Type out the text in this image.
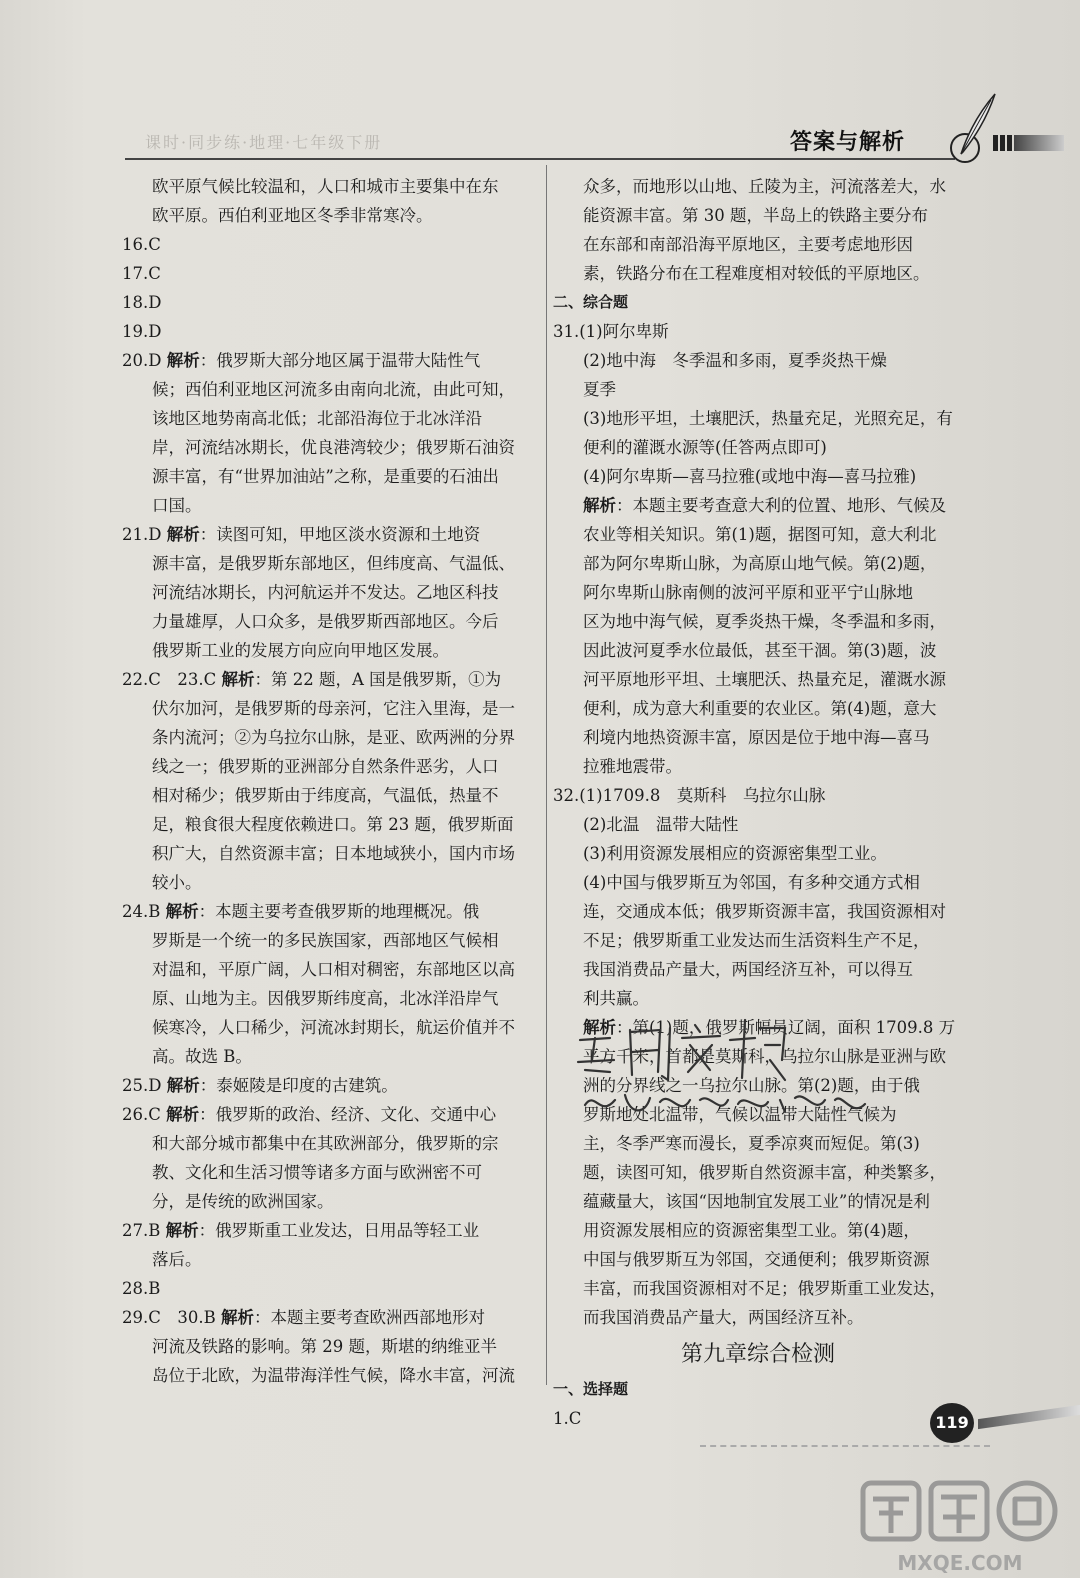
课时·同步练·地理·七年级下册	答案与解析
欧平原气候比较温和，人口和城市主要集中在东
欧平原。西伯利亚地区冬季非常寒冷。
16.C
17.C
18.D
19.D
20.D 解析：俄罗斯大部分地区属于温带大陆性气
候；西伯利亚地区河流多由南向北流，由此可知，
该地区地势南高北低；北部沿海位于北冰洋沿
岸，河流结冰期长，优良港湾较少；俄罗斯石油资
源丰富，有“世界加油站”之称，是重要的石油出
口国。
21.D 解析：读图可知，甲地区淡水资源和土地资
源丰富，是俄罗斯东部地区，但纬度高、气温低、
河流结冰期长，内河航运并不发达。乙地区科技
力量雄厚，人口众多，是俄罗斯西部地区。今后
俄罗斯工业的发展方向应向甲地区发展。
22.C　23.C 解析：第 22 题，A 国是俄罗斯，①为
伏尔加河，是俄罗斯的母亲河，它注入里海，是一
条内流河；②为乌拉尔山脉，是亚、欧两洲的分界
线之一；俄罗斯的亚洲部分自然条件恶劣，人口
相对稀少；俄罗斯由于纬度高，气温低，热量不
足，粮食很大程度依赖进口。第 23 题，俄罗斯面
积广大，自然资源丰富；日本地域狭小，国内市场
较小。
24.B 解析：本题主要考查俄罗斯的地理概况。俄
罗斯是一个统一的多民族国家，西部地区气候相
对温和，平原广阔，人口相对稠密，东部地区以高
原、山地为主。因俄罗斯纬度高，北冰洋沿岸气
候寒冷，人口稀少，河流冰封期长，航运价值并不
高。故选 B。
25.D 解析：泰姬陵是印度的古建筑。
26.C 解析：俄罗斯的政治、经济、文化、交通中心
和大部分城市都集中在其欧洲部分，俄罗斯的宗
教、文化和生活习惯等诸多方面与欧洲密不可
分，是传统的欧洲国家。
27.B 解析：俄罗斯重工业发达，日用品等轻工业
落后。
28.B
29.C　30.B 解析：本题主要考查欧洲西部地形对
河流及铁路的影响。第 29 题，斯堪的纳维亚半
岛位于北欧，为温带海洋性气候，降水丰富，河流
众多，而地形以山地、丘陵为主，河流落差大，水
能资源丰富。第 30 题，半岛上的铁路主要分布
在东部和南部沿海平原地区，主要考虑地形因
素，铁路分布在工程难度相对较低的平原地区。
二、综合题
31.(1)阿尔卑斯
(2)地中海　冬季温和多雨，夏季炎热干燥
夏季
(3)地形平坦，土壤肥沃，热量充足，光照充足，有
便利的灌溉水源等(任答两点即可)
(4)阿尔卑斯—喜马拉雅(或地中海—喜马拉雅)
解析：本题主要考查意大利的位置、地形、气候及
农业等相关知识。第(1)题，据图可知，意大利北
部为阿尔卑斯山脉，为高原山地气候。第(2)题，
阿尔卑斯山脉南侧的波河平原和亚平宁山脉地
区为地中海气候，夏季炎热干燥，冬季温和多雨，
因此波河夏季水位最低，甚至干涸。第(3)题，波
河平原地形平坦、土壤肥沃、热量充足，灌溉水源
便利，成为意大利重要的农业区。第(4)题，意大
利境内地热资源丰富，原因是位于地中海—喜马
拉雅地震带。
32.(1)1709.8　莫斯科　乌拉尔山脉
(2)北温　温带大陆性
(3)利用资源发展相应的资源密集型工业。
(4)中国与俄罗斯互为邻国，有多种交通方式相
连，交通成本低；俄罗斯资源丰富，我国资源相对
不足；俄罗斯重工业发达而生活资料生产不足，
我国消费品产量大，两国经济互补，可以得互
利共赢。
解析：第(1)题，俄罗斯幅员辽阔，面积 1709.8 万
平方千米，首都是莫斯科，乌拉尔山脉是亚洲与欧
洲的分界线之一乌拉尔山脉。第(2)题，由于俄
罗斯地处北温带，气候以温带大陆性气候为
主，冬季严寒而漫长，夏季凉爽而短促。第(3)
题，读图可知，俄罗斯自然资源丰富，种类繁多，
蕴藏量大，该国“因地制宜发展工业”的情况是利
用资源发展相应的资源密集型工业。第(4)题，
中国与俄罗斯互为邻国，交通便利；俄罗斯资源
丰富，而我国资源相对不足；俄罗斯重工业发达，
而我国消费品产量大，两国经济互补。
第九章综合检测
一、选择题
1.C	119
MXQE.COM
